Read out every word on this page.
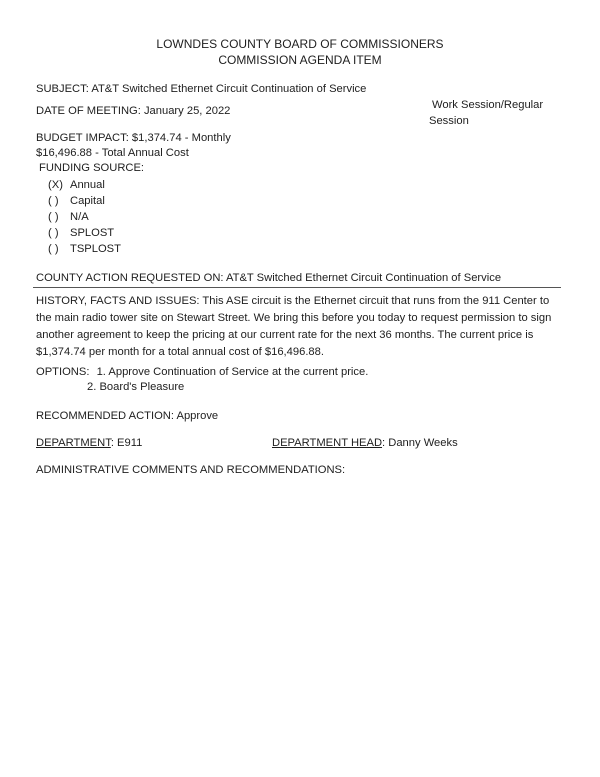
LOWNDES COUNTY BOARD OF COMMISSIONERS
COMMISSION AGENDA ITEM
SUBJECT: AT&T Switched Ethernet Circuit Continuation of Service
DATE OF MEETING: January 25, 2022	Work Session/Regular
Session
BUDGET IMPACT: $1,374.74 - Monthly
$16,496.88 - Total Annual Cost
FUNDING SOURCE:
(X) Annual
( ) Capital
( ) N/A
( ) SPLOST
( ) TSPLOST
COUNTY ACTION REQUESTED ON: AT&T Switched Ethernet Circuit Continuation of Service
HISTORY, FACTS AND ISSUES: This ASE circuit is the Ethernet circuit that runs from the 911 Center to the main radio tower site on Stewart Street. We bring this before you today to request permission to sign another agreement to keep the pricing at our current rate for the next 36 months. The current price is $1,374.74 per month for a total annual cost of $16,496.88.
OPTIONS: 1. Approve Continuation of Service at the current price.
2. Board's Pleasure
RECOMMENDED ACTION: Approve
DEPARTMENT: E911	DEPARTMENT HEAD: Danny Weeks
ADMINISTRATIVE COMMENTS AND RECOMMENDATIONS:
